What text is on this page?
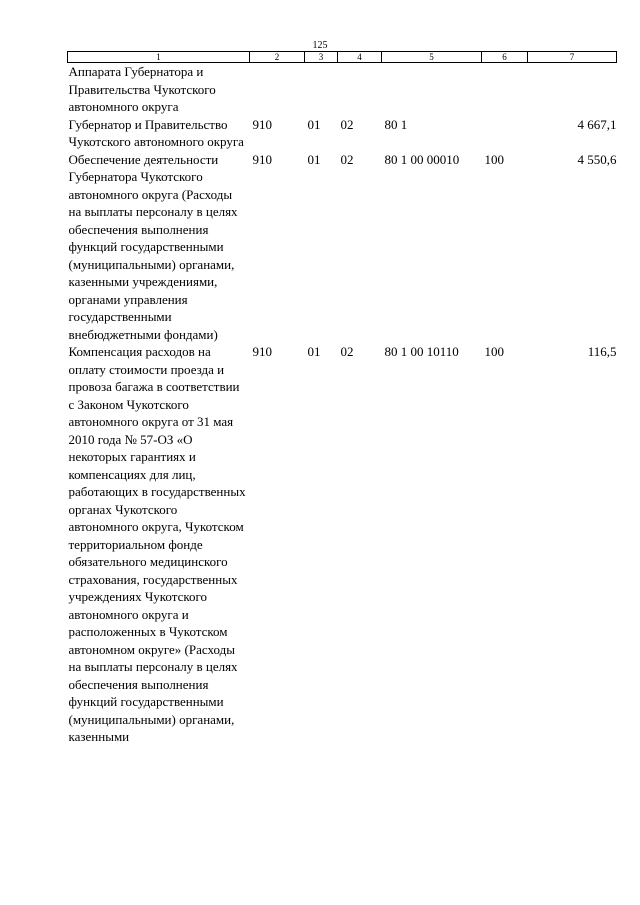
125
1	2	3	4	5	6	7
Аппарата Губернатора и Правительства Чукотского автономного округа						
Губернатор и Правительство Чукотского автономного округа	910	01	02	80 1		4 667,1
Обеспечение деятельности Губернатора Чукотского автономного округа (Расходы на выплаты персоналу в целях обеспечения выполнения функций государственными (муниципальными) органами, казенными учреждениями, органами управления государственными внебюджетными фондами)	910	01	02	80 1 00 00010	100	4 550,6
Компенсация расходов на оплату стоимости проезда и провоза багажа в соответствии с Законом Чукотского автономного округа от 31 мая 2010 года № 57-ОЗ «О некоторых гарантиях и компенсациях для лиц, работающих в государственных органах Чукотского автономного округа, Чукотском территориальном фонде обязательного медицинского страхования, государственных учреждениях Чукотского автономного округа и расположенных в Чукотском автономном округе» (Расходы на выплаты персоналу в целях обеспечения выполнения функций государственными (муниципальными) органами, казенными	910	01	02	80 1 00 10110	100	116,5
